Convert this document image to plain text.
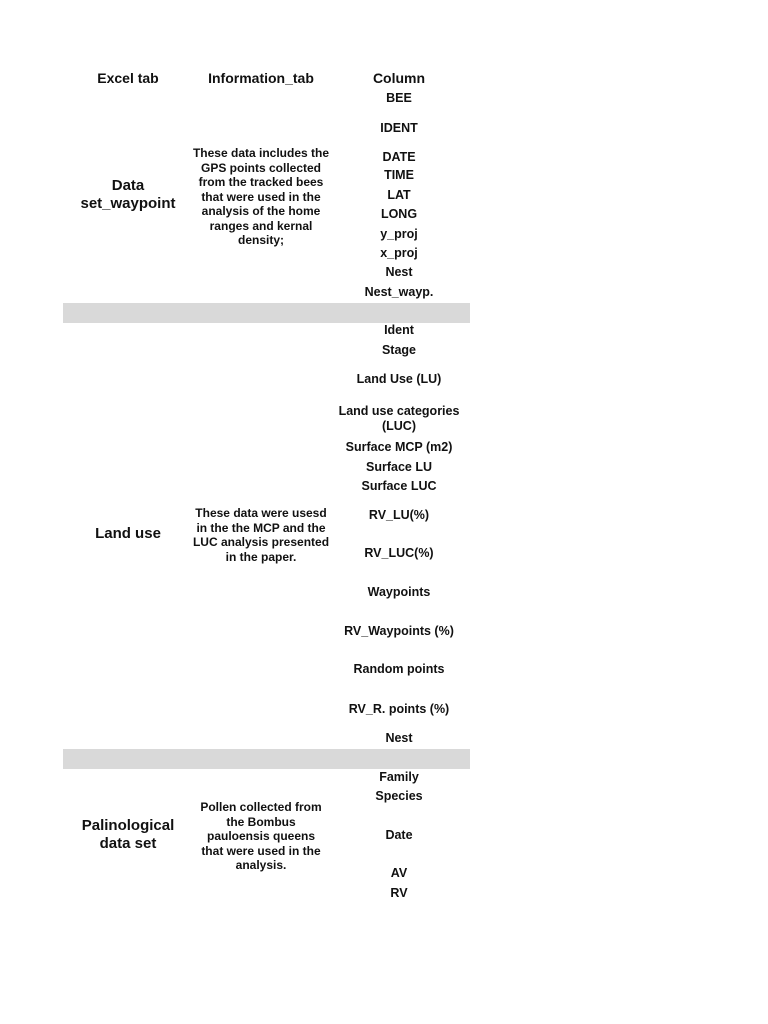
Excel tab	Information_tab	Column
Data set_waypoint
These data includes the GPS points collected from the tracked bees that were used in the analysis of the home ranges and kernal density;
BEE
IDENT
DATE
TIME
LAT
LONG
y_proj
x_proj
Nest
Nest_wayp.
Land use
These data were usesd in the the MCP and the LUC analysis presented in the paper.
Ident
Stage
Land Use (LU)
Land use categories (LUC)
Surface MCP (m2)
Surface LU
Surface LUC
RV_LU(%)
RV_LUC(%)
Waypoints
RV_Waypoints (%)
Random points
RV_R. points (%)
Nest
Palinological data set
Pollen collected from the Bombus pauloensis queens that were used in the analysis.
Family
Species
Date
AV
RV
